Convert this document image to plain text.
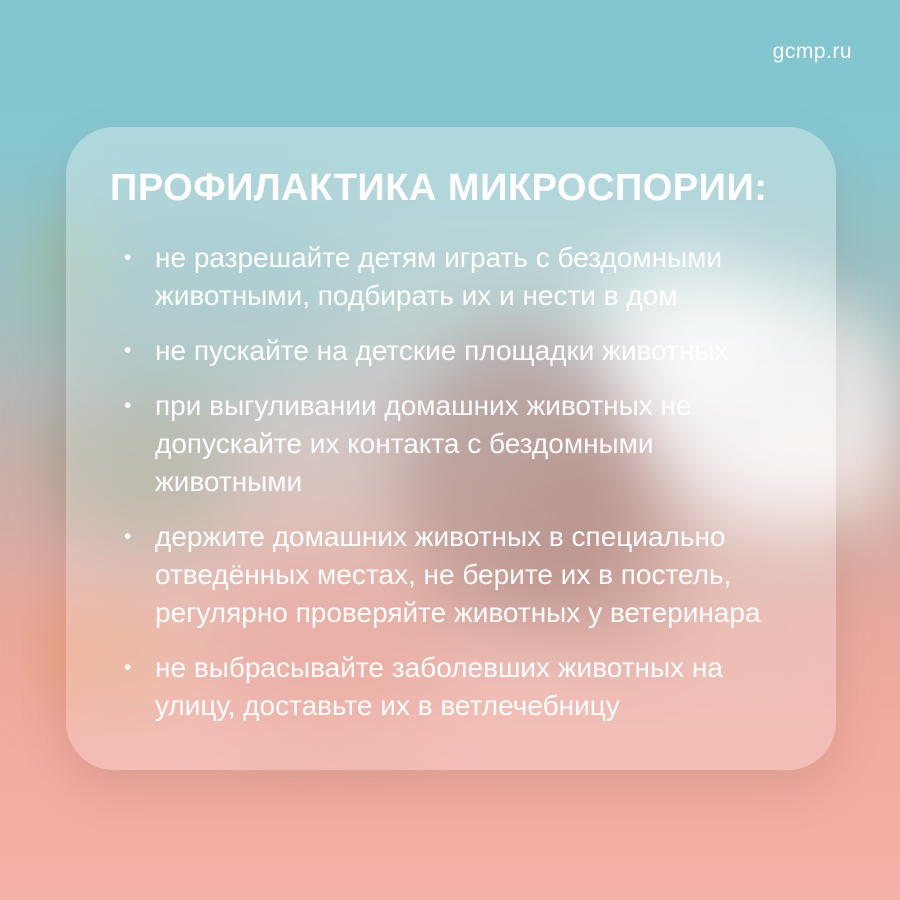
gcmp.ru
ПРОФИЛАКТИКА МИКРОСПОРИИ:
• не разрешайте детям играть с бездомными животными, подбирать их и нести в дом
• не пускайте на детские площадки животных
• при выгуливании домашних животных не допускайте их контакта с бездомными животными
• держите домашних животных в специально отведённых местах, не берите их в постель, регулярно проверяйте животных у ветеринара
• не выбрасывайте заболевших животных на улицу, доставьте их в ветлечебницу
